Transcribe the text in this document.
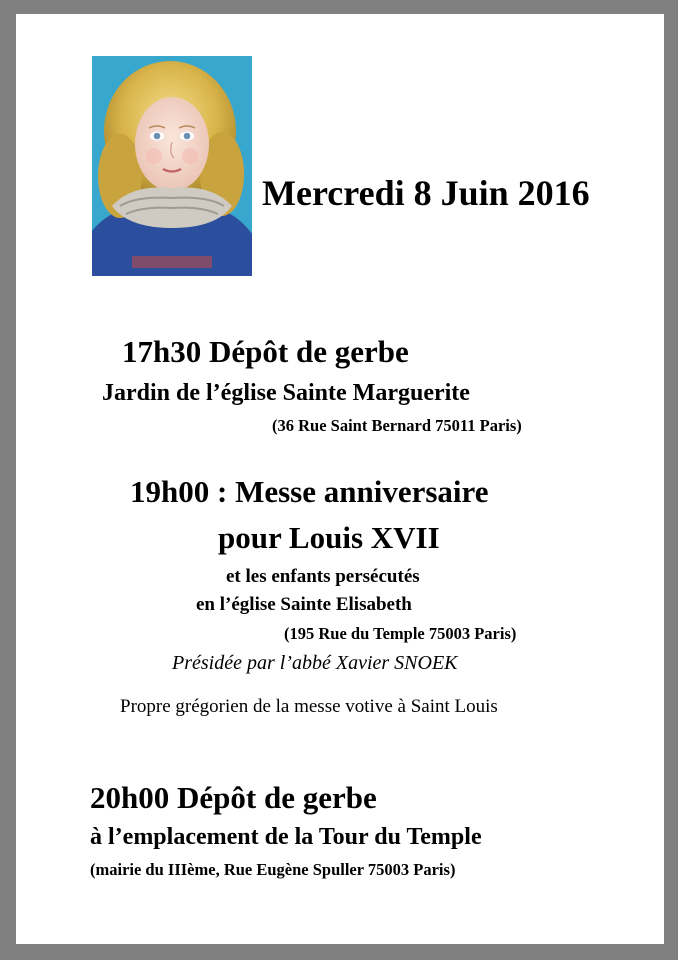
Mercredi 8 Juin 2016
17h30 Dépôt de gerbe
Jardin de l’église Sainte Marguerite
(36 Rue Saint Bernard 75011 Paris)
19h00 : Messe anniversaire
pour Louis XVII
et les enfants persécutés
en l’église Sainte Elisabeth
(195 Rue du Temple 75003 Paris)
Présidée par l’abbé Xavier SNOEK
Propre grégorien de la messe votive à Saint Louis
20h00 Dépôt de gerbe
à l’emplacement de la Tour du Temple
(mairie du IIIème, Rue Eugène Spuller 75003 Paris)
